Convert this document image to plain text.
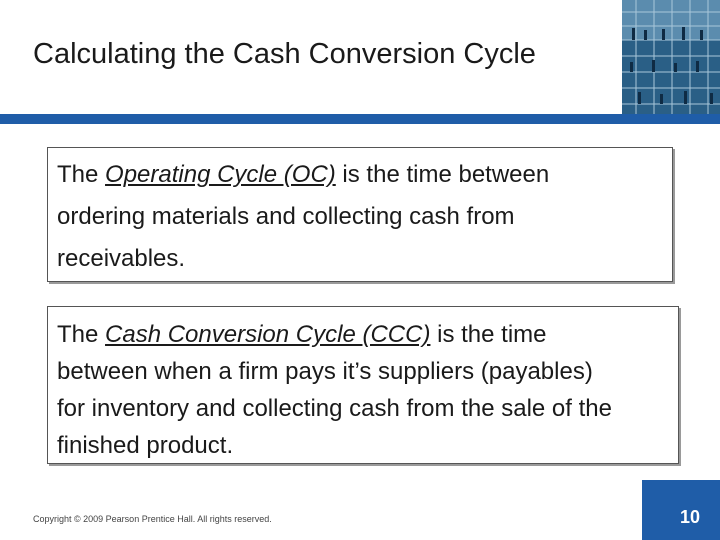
Calculating the Cash Conversion Cycle
The Operating Cycle (OC) is the time between
ordering materials and collecting cash from
receivables.
The Cash Conversion Cycle (CCC) is the time
between when a firm pays it’s suppliers (payables)
for inventory and collecting cash from the sale of the
finished product.
Copyright © 2009 Pearson Prentice Hall. All rights reserved.	10
